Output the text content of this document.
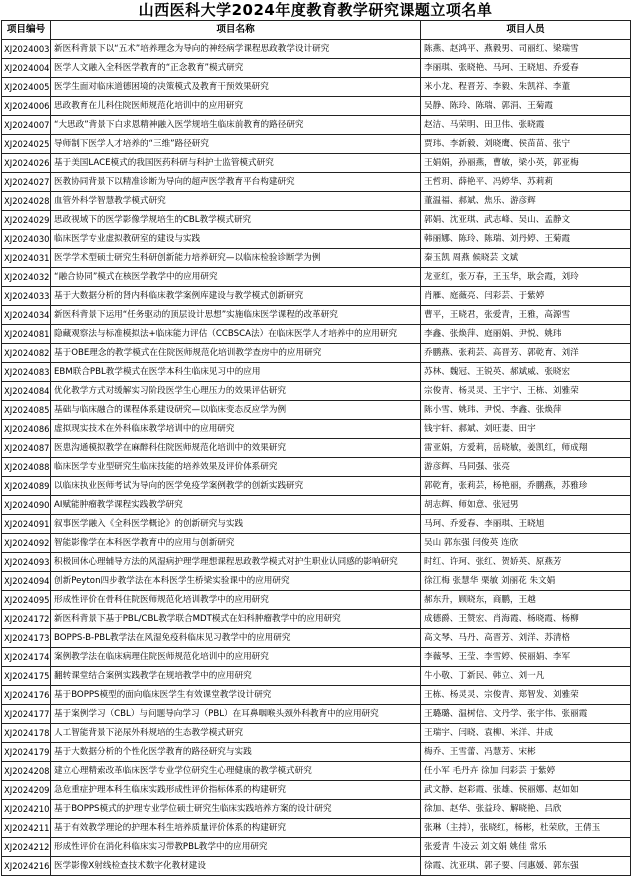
山西医科大学2024年度教育教学研究课题立项名单
项目编号	项目名称	项目人员
XJ2024003	新医科背景下以“五术”培养理念为导向的神经病学课程思政教学设计研究	陈燕、赵鸿平、燕毅男、司丽红、梁瑞雪
XJ2024004	医学人文融入全科医学教育的“正念教育”模式研究	李丽琪、张晓艳、马珂、王晓旭、乔爱春
XJ2024005	医学生面对临床道德困境的决策模式及教育干预效果研究	米小龙、程晋芳、李毅、朱凯祥、李董
XJ2024006	思政教育在儿科住院医师规范化培训中的应用研究	吴静、陈玲、陈瑞、郭涓、王菊霞
XJ2024007	“大思政”背景下白求恩精神融入医学规培生临床前教育的路径研究	赵洁、马荣明、田卫伟、张晓霞
XJ2024025	导师制下医学人才培养的“三维”路径研究	贾玮、李新毅、刘晓鹰、侯苗苗、张宁
XJ2024026	基于美国LACE模式的我国医药科研与科护士监管模式研究	王娟娟，孙丽燕，曹敏，梁小英，郭亚梅
XJ2024027	医教协同背景下以精准诊断为导向的超声医学教育平台构建研究	王哲玥、薛艳平、冯婷华、苏莉莉
XJ2024028	血管外科学智慧教学模式研究	董温福、郝斌、焦乐、游彦辉
XJ2024029	思政视域下的医学影像学规培生的CBL教学模式研究	郭娟、沈亚琪、武志峰、吴山、孟静文
XJ2024030	临床医学专业虚拟教研室的建设与实践	韩丽娜、陈玲、陈瑞、刘丹婷、王菊霞
XJ2024031	医学学术型硕士研究生科研创新能力培养研究—以临床检验诊断学为例	秦玉凯 周燕 候晓芸 文斌
XJ2024032	“融合协同”模式在核医学教学中的应用研究	龙亚红，张万春，王玉华，耿会霞，刘玲
XJ2024033	基于大数据分析的肾内科临床教学案例库建设与教学模式创新研究	肖雁、庭薇亮、闫彩芸、于紫婷
XJ2024034	新医科背景下运用“任务驱动的顶层设计思想”实施临床医学课程的改革研究	曹平，王晓君，张爱青，王雅，高源雪
XJ2024081	隐藏观察法与标准模拟法+临床能力评估（CCBSCA法）在临床医学人才培养中的应用研究	李鑫、张焕萍、庭丽娟、尹悦、姚玮
XJ2024082	基于OBE理念的教学模式在住院医师规范化培训教学查房中的应用研究	乔鹏燕、张莉芸、高晋芳、郭乾育、刘洋
XJ2024083	EBM联合PBL教学模式在医学本科生临床见习中的应用	苏林、魏冠、王锐英、郝斌威、张晓宏
XJ2024084	优化教学方式对缓解实习阶段医学生心理压力的效果评估研究	宗俊青、杨灵灵、王宇宁、王栋、刘雅荣
XJ2024085	基础与临床融合的课程体系建设研究—以临床变态反应学为例	陈小雪、姚玮、尹悦、李鑫、张焕萍
XJ2024086	虚拟现实技术在外科临床教学培训中的应用研究	钱宇轩、郝斌、刘旺妻、田宇
XJ2024087	医患沟通模拟教学在麻醉科住院医师规范化培训中的效果研究	雷亚娟，方爱莉，岳晓敏，姜凯红，师成翔
XJ2024088	临床医学专业型研究生临床技能的培养效果及评价体系研究	游彦辉、马同强、张亮
XJ2024089	以临床执业医师考试为导向的医学免疫学案例教学的创新实践研究	郭乾育，张莉芸，杨艳丽，乔鹏燕，苏雅珍
XJ2024090	AI赋能肿瘤教学课程实践教学研究	胡志辉、师如意、张冠男
XJ2024091	叙事医学融入《全科医学概论》的创新研究与实践	马珂、乔爱春、李丽琪、王晓旭
XJ2024092	智能影像学在本科医学教育中的应用与创新研究	吴山 郭东强 闫俊英 连欣
XJ2024093	积极回休心理辅导方法的风湿病护理学理想课程思政教学模式对护生职业认同感的影响研究	时红、许珂、张红、贺娇英、原燕芳
XJ2024094	创新Peyton四步教学法在本科医学生桥梁实验课中的应用研究	徐江梅 张慧华 栗敏 刘丽花 朱文娟
XJ2024095	形成性评价在骨科住院医师规范化培训教学中的应用研究	郝东升，顾晓东，商鹏，王越
XJ2024172	新医科背景下基于PBL/CBL教学联合MDT模式在妇科肿瘤教学中的应用研究	成德爵、王赞宏、肖海霞、杨晓霞、杨柳
XJ2024173	BOPPS-B-PBL教学法在风湿免疫科临床见习教学中的应用研究	高文琴、马丹、高晋芳、刘洋、苏清格
XJ2024174	案例教学法在临床病理住院医师规范化培训中的应用研究	李薇琴、王莹、李雪婷、侯丽娟、李军
XJ2024175	翻转课堂结合案例实践教学在规培教学中的应用研究	牛小敬、丁新民、韩立、刘一凡
XJ2024176	基于BOPPS模型的面向临床医学生有效课堂教学设计研究	王栋、杨灵灵、宗俊青、郑智发、刘雅荣
XJ2024177	基于案例学习（CBL）与问题导向学习（PBL）在耳鼻咽喉头颈外科教育中的应用研究	王璐璐、温树信、文丹学、张宇伟、张丽霞
XJ2024178	人工智能背景下泌尿外科规培的生态教学模式研究	王瑞宇、闫晓、袁柳、米洋、井成
XJ2024179	基于大数据分析的个性化医学教育的路径研究与实践	梅乔、王雪蕾、冯慧芳、宋彬
XJ2024208	建立心理精索改革临床医学专业学位研究生心理健康的教学模式研究	任小军 毛丹卉 徐加 闫彩芸 于紫婷
XJ2024209	急危重症护理本科生临床实践形成性评价指标体系的构建研究	武文静、赵彩霞、张雄、侯丽娜、赵如如
XJ2024210	基于BOPPS模式的护理专业学位硕士研究生临床实践培养方案的设计研究	徐加、赵华、张益玲、解晓艳、吕欣
XJ2024211	基于有效教学理论的护理本科生培养质量评价体系的构建研究	张琳（主持），张晓红，杨彬，杜荣欣，王倩玉
XJ2024212	形成性评价在消化科临床实习带教PBL教学中的应用研究	张爱青 牛凌云 刘文娟 姚佳 常乐
XJ2024216	医学影像X射线检查技术数字化教材建设	徐霞、沈亚琪、郭子要、闫惠媛、郭东强
